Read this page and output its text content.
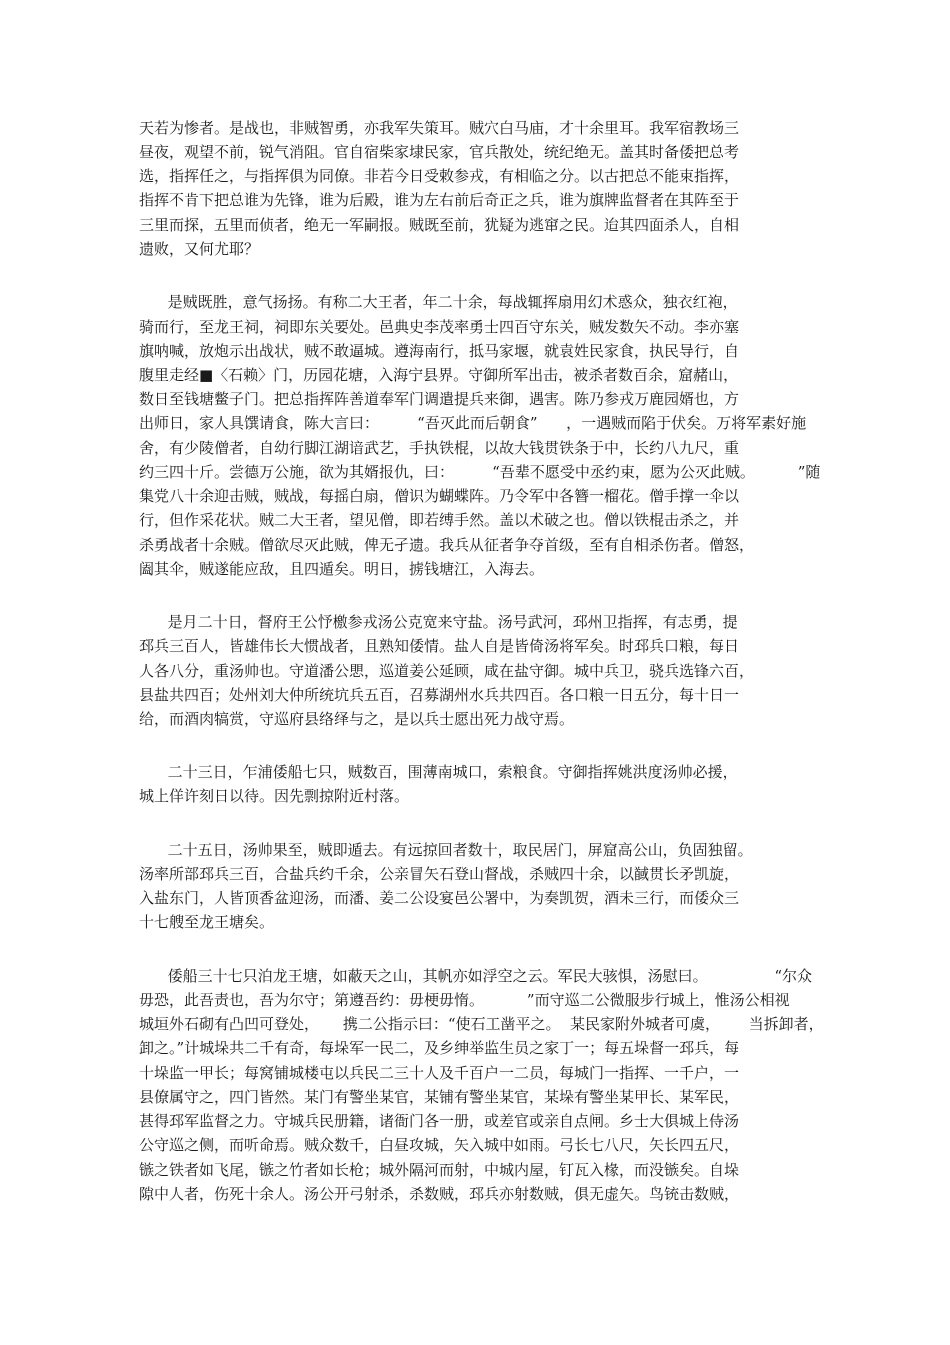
天若为惨者。是战也，非贼智勇，亦我军失策耳。贼穴白马庙，才十余里耳。我军宿教场三
昼夜，观望不前，锐气消阻。官自宿柴家埭民家，官兵散处，统纪绝无。盖其时备倭把总考
选，指挥任之，与指挥俱为同僚。非若今日受敕参戎，有相临之分。以古把总不能束指挥，
指挥不肯下把总谁为先锋，谁为后殿，谁为左右前后奇正之兵，谁为旗牌监督者在其阵至于
三里而探，五里而侦者，绝无一军嗣报。贼既至前，犹疑为逃窜之民。迨其四面杀人，自相
遗败，又何尤耶？
是贼既胜，意气扬扬。有称二大王者，年二十余，每战辄挥扇用幻术惑众，独衣红袍，
骑而行，至龙王祠，祠即东关要处。邑典史李茂率勇士四百守东关，贼发数矢不动。李亦塞
旗呐喊，放炮示出战状，贼不敢逼城。遵海南行，抵马家堰，就袁姓民家食，执民导行，自
腹里走经■〈石赖〉门，历园花塘，入海宁县界。守御所军出击，被杀者数百余，窟赭山，
数日至钱塘鳖子门。把总指挥阵善道奉军门调遣提兵来御，遇害。陈乃参戎万鹿园婿也，方
出师日，家人具馔请食，陈大言曰：        “吾灭此而后朝食”      ，一遇贼而陷于伏矣。万将军素好施
舍，有少陵僧者，自幼行脚江湖谙武艺，手执铁棍，以故大钱贯铁条于中，长约八九尺，重
约三四十斤。尝德万公施，欲为其婿报仇，曰：        “吾辈不愿受中丞约束，愿为公灭此贼。         ”随
集党八十余迎击贼，贼战，每摇白扇，僧识为蝴蝶阵。乃令军中各簪一榴花。僧手撑一伞以
行，但作采花状。贼二大王者，望见僧，即若缚手然。盖以术破之也。僧以铁棍击杀之，并
杀勇战者十余贼。僧欲尽灭此贼，俾无孑遗。我兵从征者争夺首级，至有自相杀伤者。僧怒，
阖其伞，贼遂能应敌，且四遁矣。明日，掳钱塘江，入海去。
是月二十日，督府王公忬檄参戎汤公克宽来守盐。汤号武河，邳州卫指挥，有志勇，提
邳兵三百人，皆雄伟长大惯战者，且熟知倭情。盐人自是皆倚汤将军矣。时邳兵口粮，每日
人各八分，重汤帅也。守道潘公愳，巡道姜公延顾，咸在盐守御。城中兵卫，骁兵选锋六百，
县盐共四百；处州刘大仲所统坑兵五百，召募湖州水兵共四百。各口粮一日五分，每十日一
给，而酒肉犒赏，守巡府县络绎与之，是以兵士愿出死力战守焉。
二十三日，乍浦倭船七只，贼数百，围薄南城口，索粮食。守御指挥姚洪度汤帅必援，
城上佯许刻日以待。因先剽掠附近村落。
二十五日，汤帅果至，贼即遁去。有远掠回者数十，取民居门，屏窟高公山，负固独留。
汤率所部邳兵三百，合盐兵约千余，公亲冒矢石登山督战，杀贼四十余，以馘贯长矛凯旋，
入盐东门，人皆顶香盆迎汤，而潘、姜二公设宴邑公署中，为奏凯贺，酒未三行，而倭众三
十七艘至龙王塘矣。
倭船三十七只泊龙王塘，如蔽天之山，其帆亦如浮空之云。军民大骇惧，汤慰曰。              “尔众
毋恐，此吾责也，吾为尔守；第遵吾约：毋梗毋惰。         ”而守巡二公微服步行城上，惟汤公相视
城垣外石砌有凸凹可登处，     携二公指示曰：“使石工凿平之。  某民家附外城者可虞，      当拆卸者，
卸之。”计城垛共二千有奇，每垛军一民二，及乡绅举监生员之家丁一；每五垛督一邳兵，每
十垛监一甲长；每窝铺城楼屯以兵民二三十人及千百户一二员，每城门一指挥、一千户，一
县僚属守之，四门皆然。某门有警坐某官，某铺有警坐某官，某垛有警坐某甲长、某军民，
甚得邳军监督之力。守城兵民册籍，诸衙门各一册，或差官或亲自点闸。乡士大俱城上侍汤
公守巡之侧，而听命焉。贼众数千，白昼攻城，矢入城中如雨。弓长七八尺，矢长四五尺，
镞之铁者如飞尾，镞之竹者如长枪；城外隔河而射，中城内屋，钉瓦入椽，而没镞矣。自垛
隙中人者，伤死十余人。汤公开弓射杀，杀数贼，邳兵亦射数贼，俱无虚矢。鸟铳击数贼，
